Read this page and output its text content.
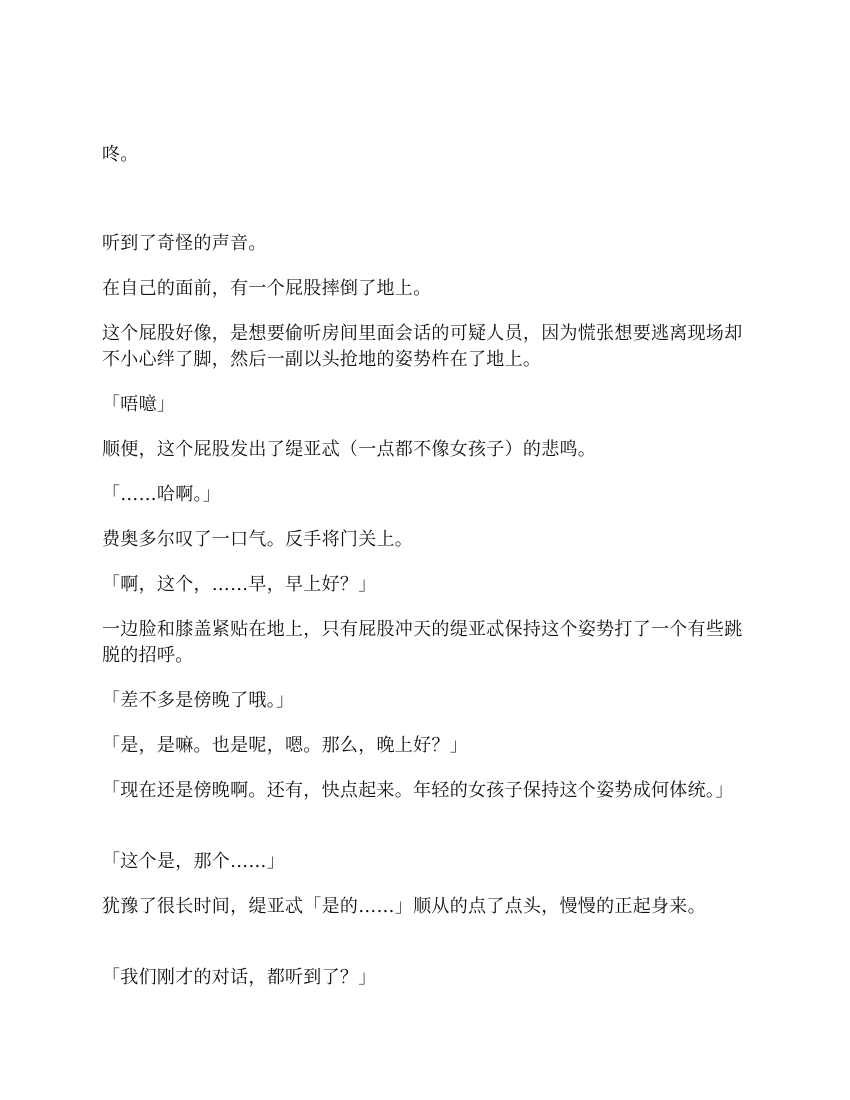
咚。

听到了奇怪的声音。

在自己的面前，有一个屁股摔倒了地上。

这个屁股好像，是想要偷听房间里面会话的可疑人员，因为慌张想要逃离现场却不小心绊了脚，然后一副以头抢地的姿势杵在了地上。

「唔噫」

顺便，这个屁股发出了缇亚忒（一点都不像女孩子）的悲鸣。

「……哈啊。」

费奥多尔叹了一口气。反手将门关上。

「啊，这个，……早，早上好？」

一边脸和膝盖紧贴在地上，只有屁股冲天的缇亚忒保持这个姿势打了一个有些跳脱的招呼。

「差不多是傍晚了哦。」

「是，是嘛。也是呢，嗯。那么，晚上好？」

「现在还是傍晚啊。还有，快点起来。年轻的女孩子保持这个姿势成何体统。」

「这个是，那个……」

犹豫了很长时间，缇亚忒「是的……」顺从的点了点头，慢慢的正起身来。

「我们刚才的对话，都听到了？」
